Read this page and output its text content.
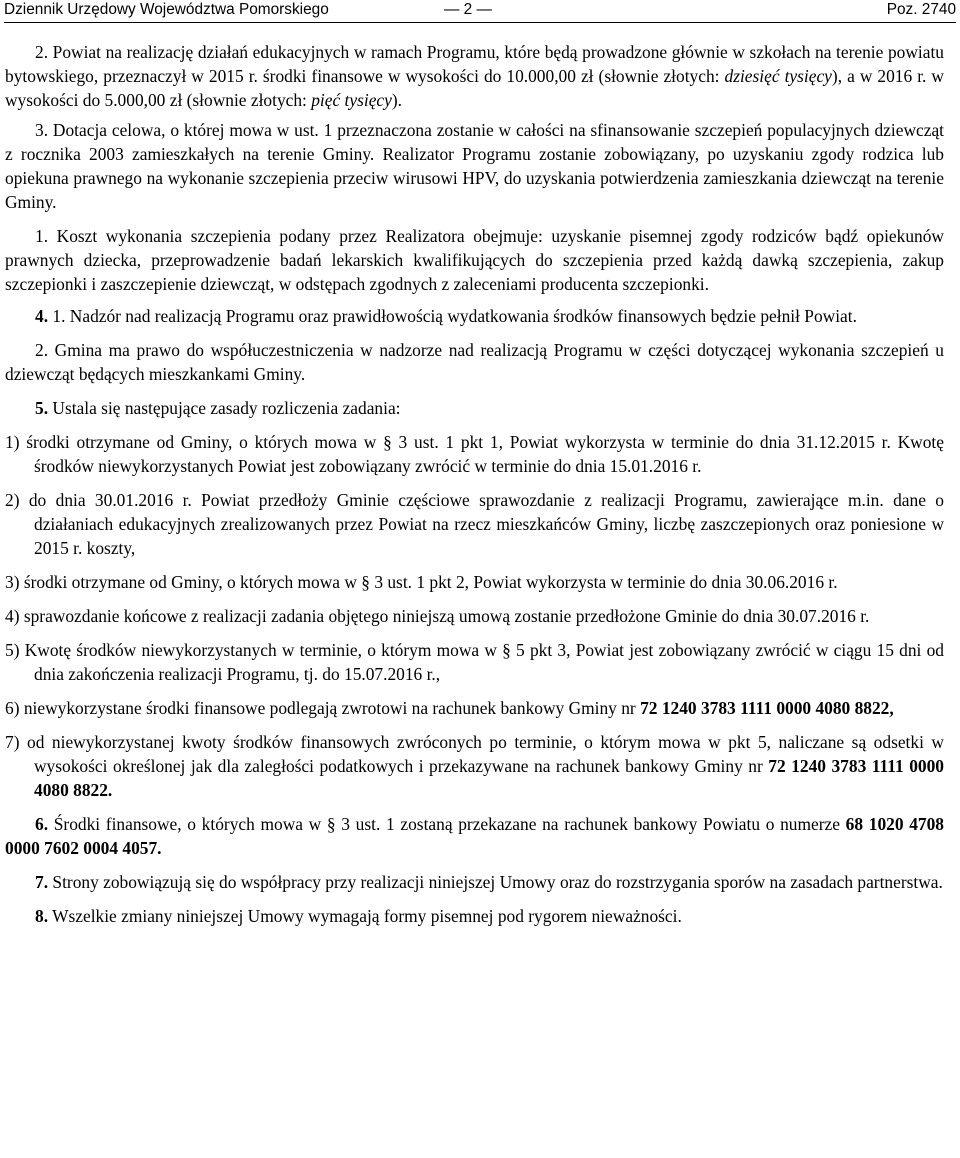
Dziennik Urzędowy Województwa Pomorskiego	— 2 —	Poz. 2740

2. Powiat na realizację działań edukacyjnych w ramach Programu, które będą prowadzone głównie w szkołach na terenie powiatu bytowskiego, przeznaczył w 2015 r. środki finansowe w wysokości do 10.000,00 zł (słownie złotych: dziesięć tysięcy), a w 2016 r. w wysokości do 5.000,00 zł (słownie złotych: pięć tysięcy).

3. Dotacja celowa, o której mowa w ust. 1 przeznaczona zostanie w całości na sfinansowanie szczepień populacyjnych dziewcząt z rocznika 2003 zamieszkałych na terenie Gminy. Realizator Programu zostanie zobowiązany, po uzyskaniu zgody rodzica lub opiekuna prawnego na wykonanie szczepienia przeciw wirusowi HPV, do uzyskania potwierdzenia zamieszkania dziewcząt na terenie Gminy.

1. Koszt wykonania szczepienia podany przez Realizatora obejmuje: uzyskanie pisemnej zgody rodziców bądź opiekunów prawnych dziecka, przeprowadzenie badań lekarskich kwalifikujących do szczepienia przed każdą dawką szczepienia, zakup szczepionki i zaszczepienie dziewcząt, w odstępach zgodnych z zaleceniami producenta szczepionki.

4. 1. Nadzór nad realizacją Programu oraz prawidłowością wydatkowania środków finansowych będzie pełnił Powiat.

2. Gmina ma prawo do współuczestniczenia w nadzorze nad realizacją Programu w części dotyczącej wykonania szczepień u dziewcząt będących mieszkankami Gminy.

5. Ustala się następujące zasady rozliczenia zadania:

1) środki otrzymane od Gminy, o których mowa w § 3 ust. 1 pkt 1, Powiat wykorzysta w terminie do dnia 31.12.2015 r. Kwotę środków niewykorzystanych Powiat jest zobowiązany zwrócić w terminie do dnia 15.01.2016 r.

2) do dnia 30.01.2016 r. Powiat przedłoży Gminie częściowe sprawozdanie z realizacji Programu, zawierające m.in. dane o działaniach edukacyjnych zrealizowanych przez Powiat na rzecz mieszkańców Gminy, liczbę zaszczepionych oraz poniesione w 2015 r. koszty,

3) środki otrzymane od Gminy, o których mowa w § 3 ust. 1 pkt 2, Powiat wykorzysta w terminie do dnia 30.06.2016 r.

4) sprawozdanie końcowe z realizacji zadania objętego niniejszą umową zostanie przedłożone Gminie do dnia 30.07.2016 r.

5) Kwotę środków niewykorzystanych w terminie, o którym mowa w § 5 pkt 3, Powiat jest zobowiązany zwrócić w ciągu 15 dni od dnia zakończenia realizacji Programu, tj. do 15.07.2016 r.,

6) niewykorzystane środki finansowe podlegają zwrotowi na rachunek bankowy Gminy nr 72 1240 3783 1111 0000 4080 8822,

7) od niewykorzystanej kwoty środków finansowych zwróconych po terminie, o którym mowa w pkt 5, naliczane są odsetki w wysokości określonej jak dla zaległości podatkowych i przekazywane na rachunek bankowy Gminy nr 72 1240 3783 1111 0000 4080 8822.

6. Środki finansowe, o których mowa w § 3 ust. 1 zostaną przekazane na rachunek bankowy Powiatu o numerze 68 1020 4708 0000 7602 0004 4057.

7. Strony zobowiązują się do współpracy przy realizacji niniejszej Umowy oraz do rozstrzygania sporów na zasadach partnerstwa.

8. Wszelkie zmiany niniejszej Umowy wymagają formy pisemnej pod rygorem nieważności.
